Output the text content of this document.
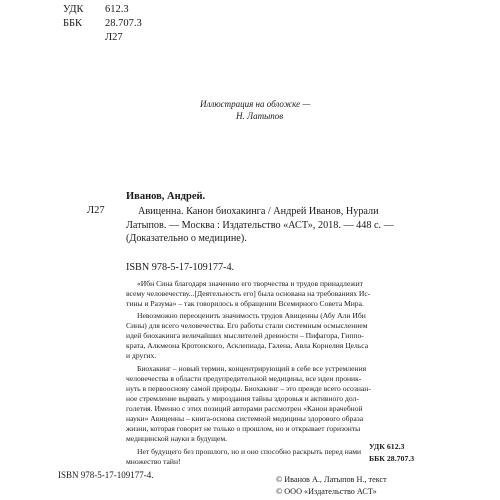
УДК 612.3
ББК 28.707.3
Л27
Иллюстрация на обложке —
Н. Латыпов
Иванов, Андрей.
Л27	Авиценна. Канон биохакинга / Андрей Иванов, Нурали
Латыпов. — Москва : Издательство «АСТ», 2018. — 448 с. —
(Доказательно о медицине).
ISBN 978-5-17-109177-4.
«Ибн Сина благодаря значению его творчества и трудов принадлежит
всему человечеству...[Деятельность его] была основана на требованиях Ис-
тины и Разума» – так говорилось в обращении Всемирного Совета Мира.
Невозможно переоценить значимость трудов Авиценны (Абу Али Ибн
Сины) для всего человечества. Его работы стали системным осмыслением
идей биохакинга величайших мыслителей древности – Пифагора, Гиппо-
крата, Алкмеона Кротонского, Асклепиада, Галена, Авла Корнелия Цельса
и других.
Биохакинг – новый термин, концентрирующий в себе все устремления
человечества в области предупредительной медицины, все идеи проник-
нуть в первооснову самой природы. Биохакинг – это прежде всего осознан-
ное стремление вырвать у мироздания тайны здоровья и активного дол-
голетия. Именно с этих позиций авторами рассмотрен «Канон врачебной
науки» Авиценны – книга-основа системной медицины здорового образа
жизни, которая говорит не только о прошлом, но и открывает горизонты
медицинской науки в будущем.
Нет будущего без прошлого, но и оно способно раскрыть перед нами
множество тайн!
УДК 612.3
ББК 28.707.3
ISBN 978-5-17-109177-4.	© Иванов А., Латыпов Н., текст
© ООО «Издательство АСТ»
